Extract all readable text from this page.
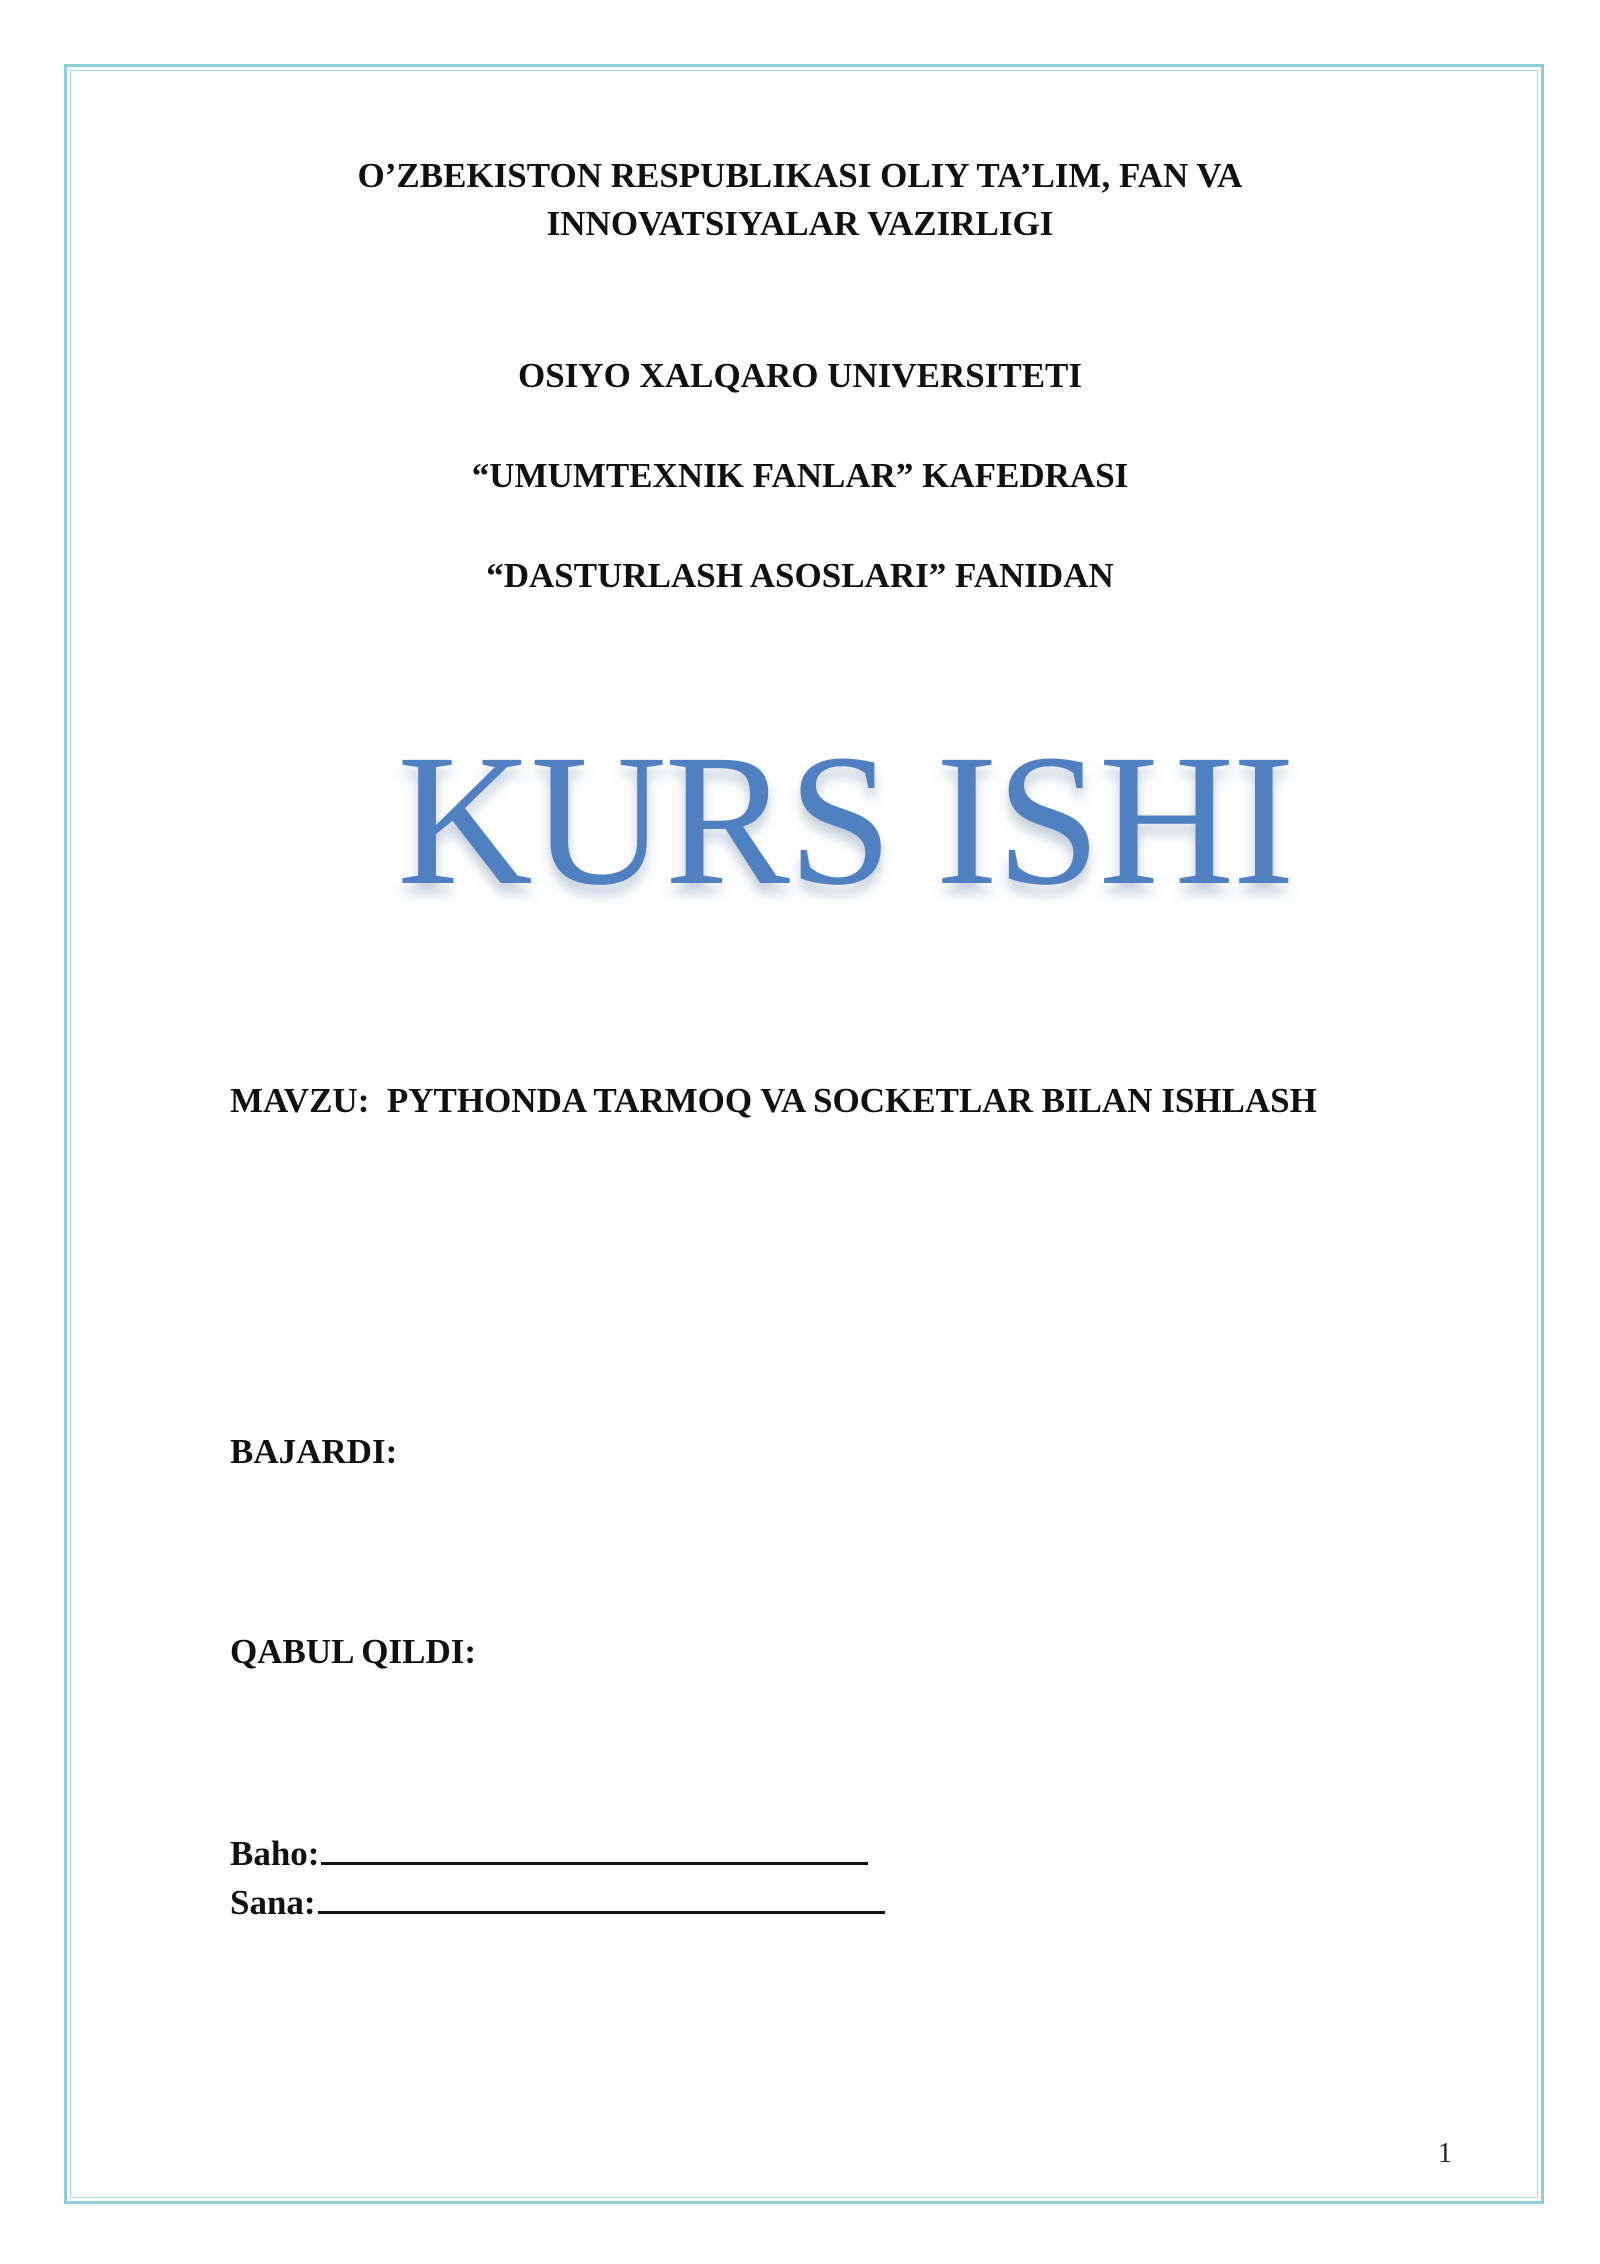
O’ZBEKISTON RESPUBLIKASI OLIY TA’LIM, FAN VA
INNOVATSIYALAR VAZIRLIGI
OSIYO XALQARO UNIVERSITETI
“UMUMTEXNIK FANLAR” KAFEDRASI
“DASTURLASH ASOSLARI” FANIDAN
KURS ISHI
MAVZU: PYTHONDA TARMOQ VA SOCKETLAR BILAN ISHLASH
BAJARDI:
QABUL QILDI:
Baho:
Sana:
1
